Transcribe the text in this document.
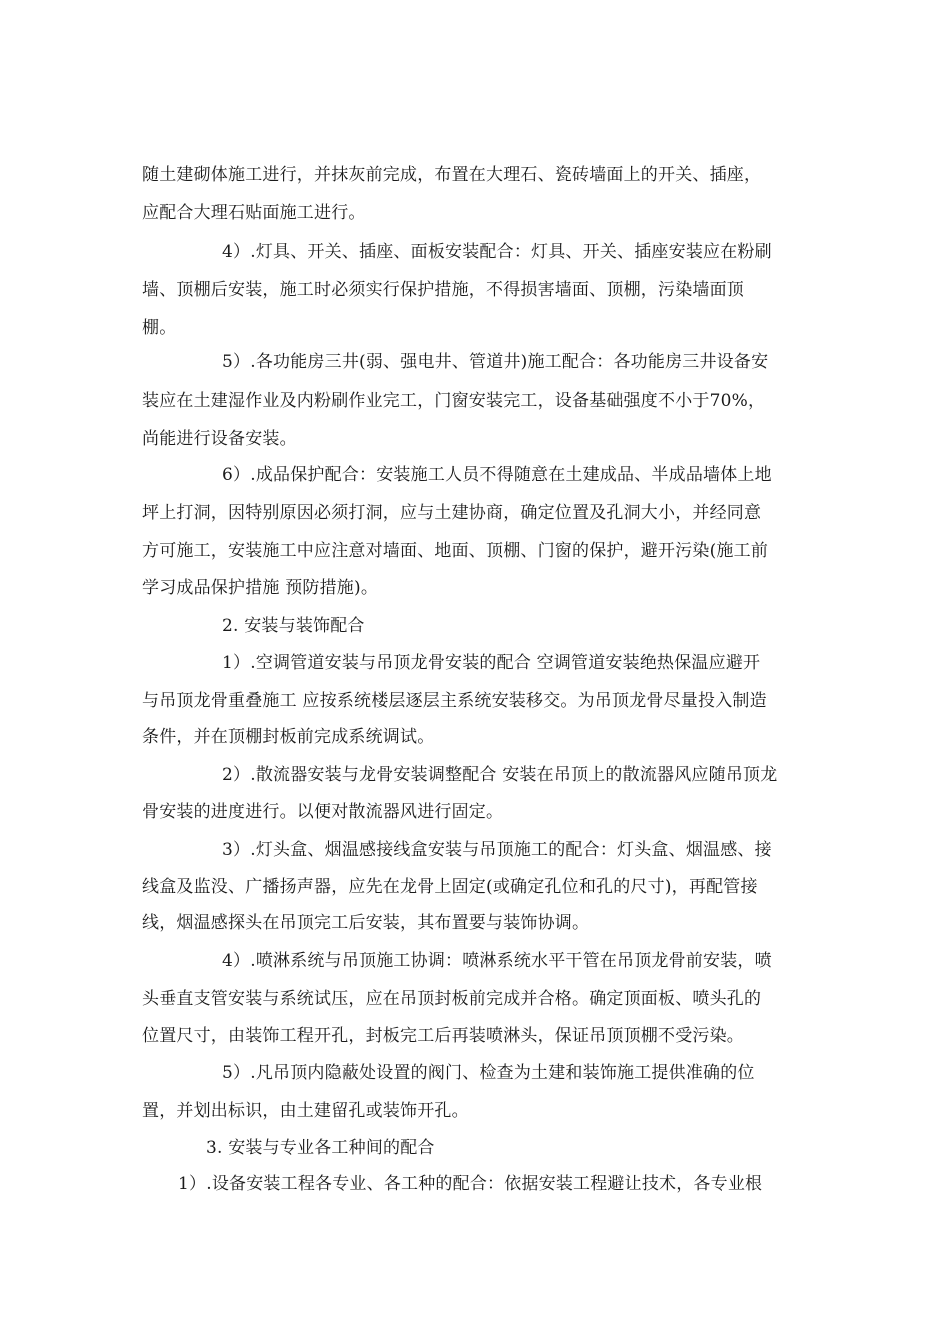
随土建砌体施工进行，并抹灰前完成，布置在大理石、瓷砖墙面上的开关、插座，
应配合大理石贴面施工进行。
4）.灯具、开关、插座、面板安装配合：灯具、开关、插座安装应在粉刷
墙、顶棚后安装，施工时必须实行保护措施，不得损害墙面、顶棚，污染墙面顶
棚。
5）.各功能房三井(弱、强电井、管道井)施工配合：各功能房三井设备安
装应在土建湿作业及内粉刷作业完工，门窗安装完工，设备基础强度不小于70%，
尚能进行设备安装。
6）.成品保护配合：安装施工人员不得随意在土建成品、半成品墙体上地
坪上打洞，因特别原因必须打洞，应与土建协商，确定位置及孔洞大小，并经同意
方可施工，安装施工中应注意对墙面、地面、顶棚、门窗的保护，避开污染(施工前
学习成品保护措施 预防措施)。
2. 安装与装饰配合
1）.空调管道安装与吊顶龙骨安装的配合 空调管道安装绝热保温应避开
与吊顶龙骨重叠施工 应按系统楼层逐层主系统安装移交。为吊顶龙骨尽量投入制造
条件，并在顶棚封板前完成系统调试。
2）.散流器安装与龙骨安装调整配合 安装在吊顶上的散流器风应随吊顶龙
骨安装的进度进行。以便对散流器风进行固定。
3）.灯头盒、烟温感接线盒安装与吊顶施工的配合：灯头盒、烟温感、接
线盒及监没、广播扬声器，应先在龙骨上固定(或确定孔位和孔的尺寸)，再配管接
线，烟温感探头在吊顶完工后安装，其布置要与装饰协调。
4）.喷淋系统与吊顶施工协调：喷淋系统水平干管在吊顶龙骨前安装，喷
头垂直支管安装与系统试压，应在吊顶封板前完成并合格。确定顶面板、喷头孔的
位置尺寸，由装饰工程开孔，封板完工后再装喷淋头，保证吊顶顶棚不受污染。
5）.凡吊顶内隐蔽处设置的阀门、检查为土建和装饰施工提供准确的位
置，并划出标识，由土建留孔或装饰开孔。
3. 安装与专业各工种间的配合
1）.设备安装工程各专业、各工种的配合：依据安装工程避让技术，各专业根
